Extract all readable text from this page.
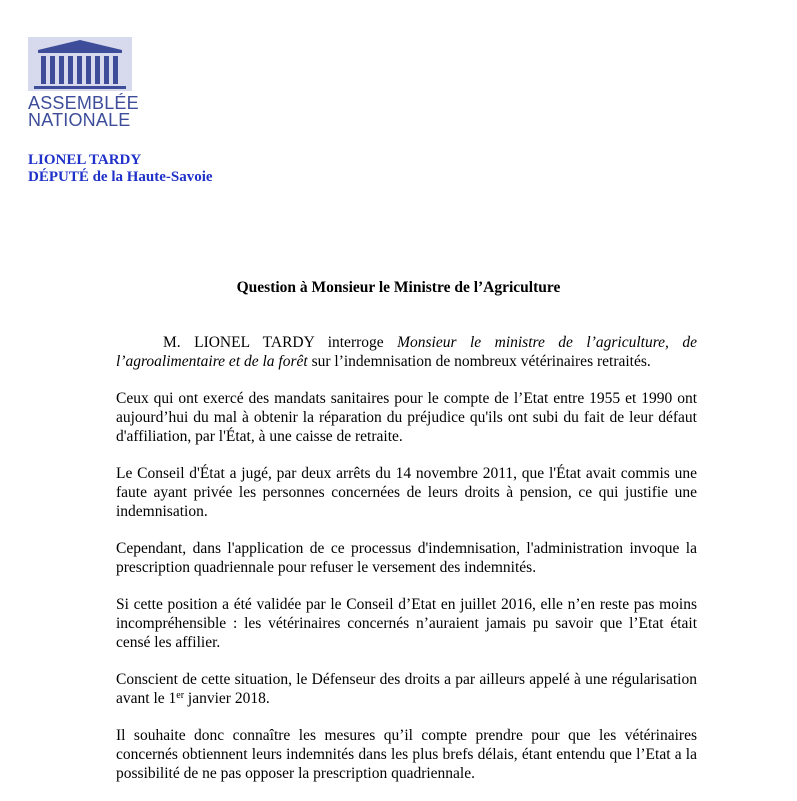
ASSEMBLÉE
NATIONALE
LIONEL TARDY
DÉPUTÉ de la Haute-Savoie
Question à Monsieur le Ministre de l’Agriculture

M. LIONEL TARDY interroge Monsieur le ministre de l’agriculture, de l’agroalimentaire et de la forêt sur l’indemnisation de nombreux vétérinaires retraités.

Ceux qui ont exercé des mandats sanitaires pour le compte de l’Etat entre 1955 et 1990 ont aujourd’hui du mal à obtenir la réparation du préjudice qu'ils ont subi du fait de leur défaut d'affiliation, par l'État, à une caisse de retraite.

Le Conseil d'État a jugé, par deux arrêts du 14 novembre 2011, que l'État avait commis une faute ayant privée les personnes concernées de leurs droits à pension, ce qui justifie une indemnisation.

Cependant, dans l'application de ce processus d'indemnisation, l'administration invoque la prescription quadriennale pour refuser le versement des indemnités.

Si cette position a été validée par le Conseil d’Etat en juillet 2016, elle n’en reste pas moins incompréhensible : les vétérinaires concernés n’auraient jamais pu savoir que l’Etat était censé les affilier.

Conscient de cette situation, le Défenseur des droits a par ailleurs appelé à une régularisation avant le 1er janvier 2018.

Il souhaite donc connaître les mesures qu’il compte prendre pour que les vétérinaires concernés obtiennent leurs indemnités dans les plus brefs délais, étant entendu que l’Etat a la possibilité de ne pas opposer la prescription quadriennale.
